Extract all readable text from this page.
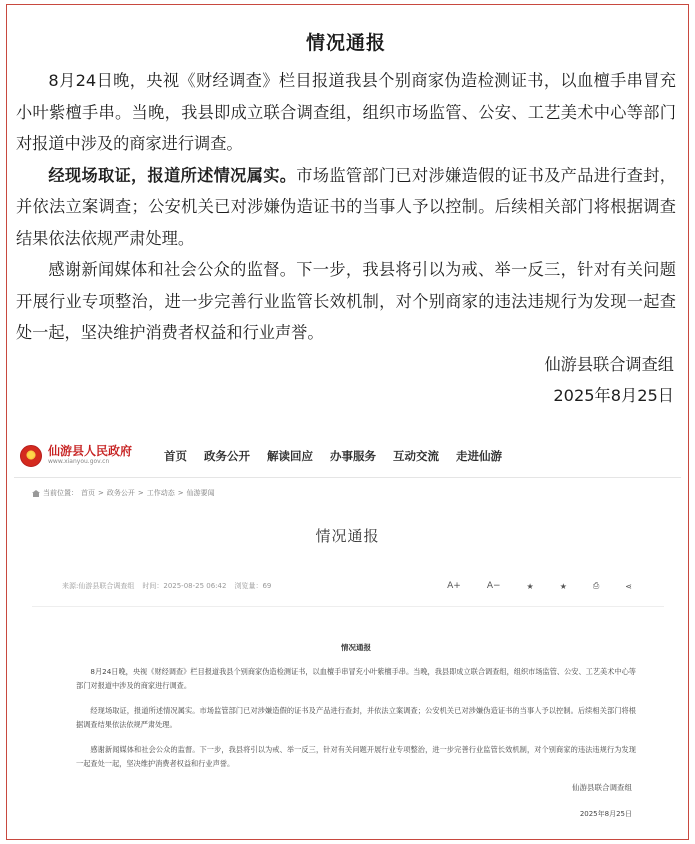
情况通报

8月24日晚，央视《财经调查》栏目报道我县个别商家伪造检测证书，以血檀手串冒充小叶紫檀手串。当晚，我县即成立联合调查组，组织市场监管、公安、工艺美术中心等部门对报道中涉及的商家进行调查。

经现场取证，报道所述情况属实。市场监管部门已对涉嫌造假的证书及产品进行查封，并依法立案调查；公安机关已对涉嫌伪造证书的当事人予以控制。后续相关部门将根据调查结果依法依规严肃处理。

感谢新闻媒体和社会公众的监督。下一步，我县将引以为戒、举一反三，针对有关问题开展行业专项整治，进一步完善行业监管长效机制，对个别商家的违法违规行为发现一起查处一起，坚决维护消费者权益和行业声誉。

仙游县联合调查组

2025年8月25日

仙游县人民政府
www.xianyou.gov.cn	首页 政务公开 解读回应 办事服务 互动交流 走进仙游
当前位置： 首页 > 政务公开 > 工作动态 > 仙游要闻
情况通报
来源:仙游县联合调查组 时间：2025-08-25 06:42 浏览量：69	A+	A−	★	★	⎙	⋖
情况通报

8月24日晚，央视《财经调查》栏目报道我县个别商家伪造检测证书，以血檀手串冒充小叶紫檀手串。当晚，我县即成立联合调查组，组织市场监管、公安、工艺美术中心等部门对报道中涉及的商家进行调查。

经现场取证，报道所述情况属实。市场监管部门已对涉嫌造假的证书及产品进行查封，并依法立案调查；公安机关已对涉嫌伪造证书的当事人予以控制。后续相关部门将根据调查结果依法依规严肃处理。

感谢新闻媒体和社会公众的监督。下一步，我县将引以为戒、举一反三，针对有关问题开展行业专项整治，进一步完善行业监管长效机制，对个别商家的违法违规行为发现一起查处一起，坚决维护消费者权益和行业声誉。

仙游县联合调查组
2025年8月25日
